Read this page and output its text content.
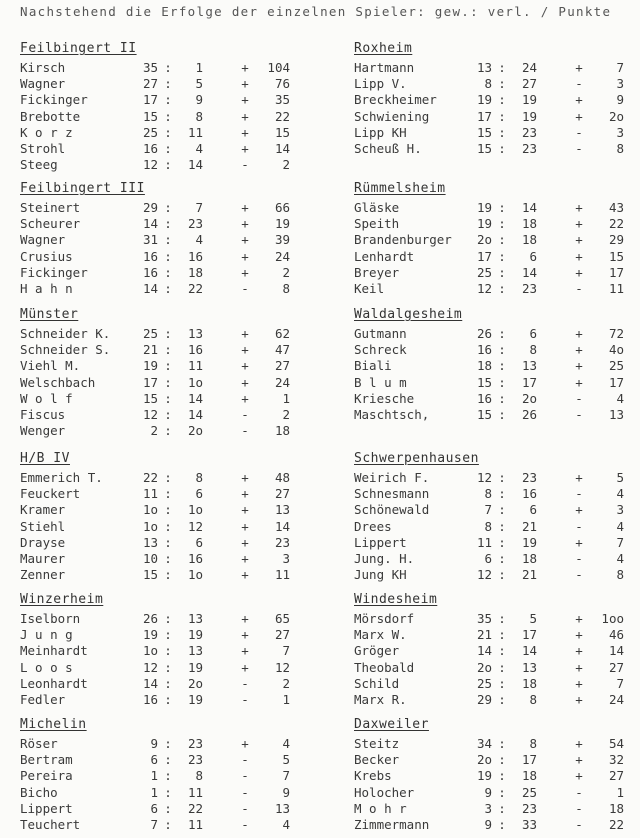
Nachstehend die Erfolge der einzelnen Spieler: gew.: verl. / Punkte
Feilbingert II
Kirsch	35 :	1	+	104
Wagner	27 :	5	+	76
Fickinger	17 :	9	+	35
Brebotte	15 :	8	+	22
K o r z	25 :	11	+	15
Strohl	16 :	4	+	14
Steeg	12 :	14	-	2
Feilbingert III
Steinert	29 :	7	+	66
Scheurer	14 :	23	+	19
Wagner	31 :	4	+	39
Crusius	16 :	16	+	24
Fickinger	16 :	18	+	2
H a h n	14 :	22	-	8
Münster
Schneider K.	25 :	13	+	62
Schneider S.	21 :	16	+	47
Viehl M.	19 :	11	+	27
Welschbach	17 :	1o	+	24
W o l f	15 :	14	+	1
Fiscus	12 :	14	-	2
Wenger	2 :	2o	-	18
H/B IV
Emmerich T.	22 :	8	+	48
Feuckert	11 :	6	+	27
Kramer	1o :	1o	+	13
Stiehl	1o :	12	+	14
Drayse	13 :	6	+	23
Maurer	10 :	16	+	3
Zenner	15 :	1o	+	11
Winzerheim
Iselborn	26 :	13	+	65
J u n g	19 :	19	+	27
Meinhardt	1o :	13	+	7
L o o s	12 :	19	+	12
Leonhardt	14 :	2o	-	2
Fedler	16 :	19	-	1
Michelin
Röser	9 :	23	+	4
Bertram	6 :	23	-	5
Pereira	1 :	8	-	7
Bicho	1 :	11	-	9
Lippert	6 :	22	-	13
Teuchert	7 :	11	-	4
Roxheim
Hartmann	13 :	24	+	7
Lipp V.	8 :	27	-	3
Breckheimer	19 :	19	+	9
Schwiening	17 :	19	+	2o
Lipp KH	15 :	23	-	3
Scheuß H.	15 :	23	-	8
Rümmelsheim
Gläske	19 :	14	+	43
Speith	19 :	18	+	22
Brandenburger	2o :	18	+	29
Lenhardt	17 :	6	+	15
Breyer	25 :	14	+	17
Keil	12 :	23	-	11
Waldalgesheim
Gutmann	26 :	6	+	72
Schreck	16 :	8	+	4o
Biali	18 :	13	+	25
B l u m	15 :	17	+	17
Kriesche	16 :	2o	-	4
Maschtsch,	15 :	26	-	13
Schwerpenhausen
Weirich F.	12 :	23	+	5
Schnesmann	8 :	16	-	4
Schönewald	7 :	6	+	3
Drees	8 :	21	-	4
Lippert	11 :	19	+	7
Jung. H.	6 :	18	-	4
Jung KH	12 :	21	-	8
Windesheim
Mörsdorf	35 :	5	+	1oo
Marx W.	21 :	17	+	46
Gröger	14 :	14	+	14
Theobald	2o :	13	+	27
Schild	25 :	18	+	7
Marx R.	29 :	8	+	24
Daxweiler
Steitz	34 :	8	+	54
Becker	2o :	17	+	32
Krebs	19 :	18	+	27
Holocher	9 :	25	-	1
M o h r	3 :	23	-	18
Zimmermann	9 :	33	-	22
